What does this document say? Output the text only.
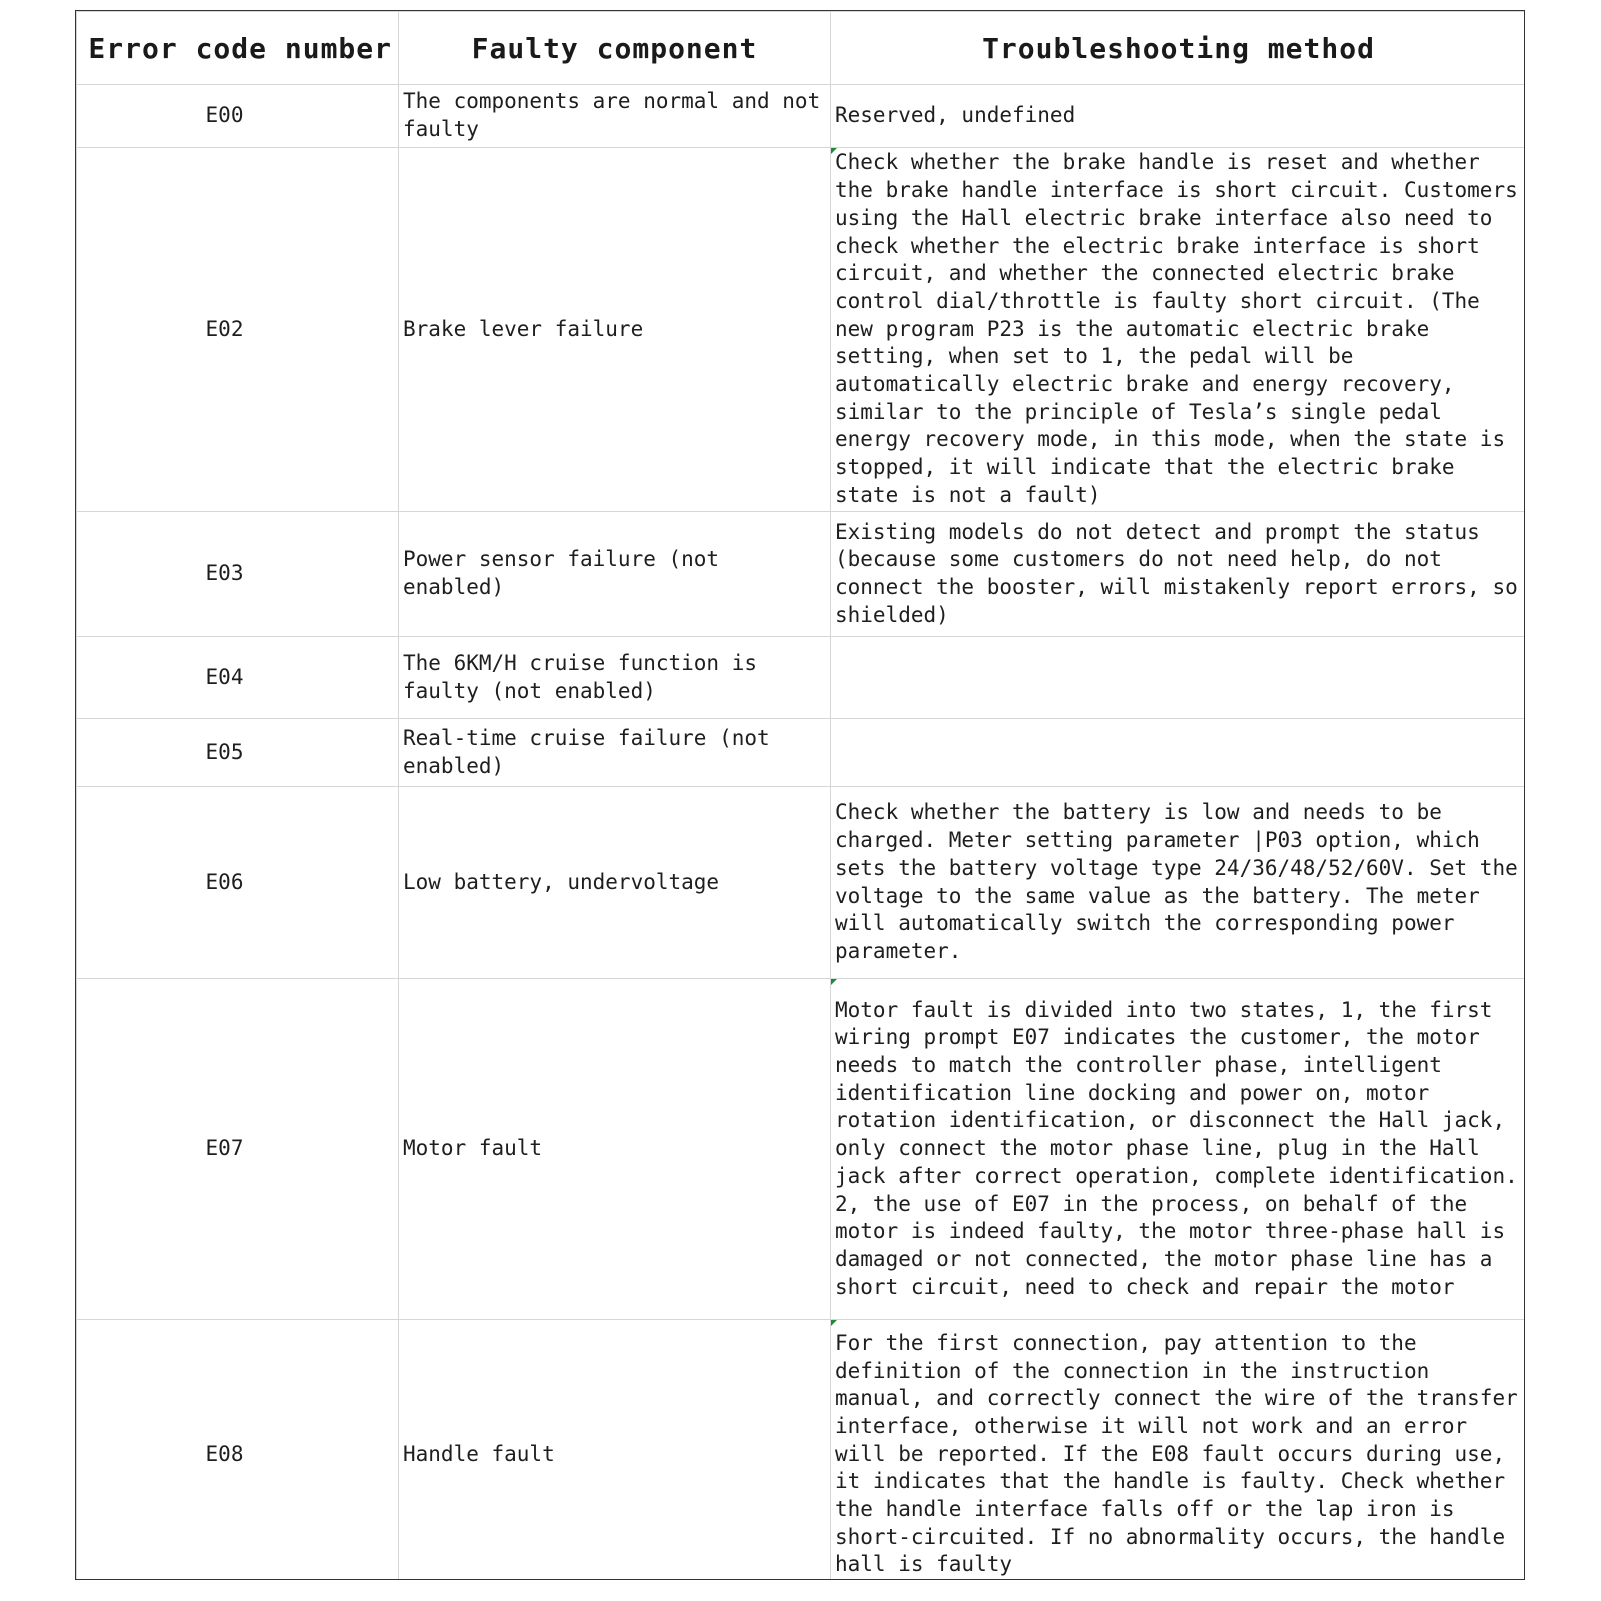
Error code number	Faulty component	Troubleshooting method
E00	The components are normal and not faulty	Reserved, undefined
E02	Brake lever failure	Check whether the brake handle is reset and whether the brake handle interface is short circuit. Customers using the Hall electric brake interface also need to check whether the electric brake interface is short circuit, and whether the connected electric brake control dial/throttle is faulty short circuit. (The new program P23 is the automatic electric brake setting, when set to 1, the pedal will be automatically electric brake and energy recovery, similar to the principle of Tesla’s single pedal energy recovery mode, in this mode, when the state is stopped, it will indicate that the electric brake state is not a fault)
E03	Power sensor failure (not enabled)	Existing models do not detect and prompt the status (because some customers do not need help, do not connect the booster, will mistakenly report errors, so shielded)
E04	The 6KM/H cruise function is faulty (not enabled)	
E05	Real-time cruise failure (not enabled)	
E06	Low battery, undervoltage	Check whether the battery is low and needs to be charged. Meter setting parameter |P03 option, which sets the battery voltage type 24/36/48/52/60V. Set the voltage to the same value as the battery. The meter will automatically switch the corresponding power parameter.
E07	Motor fault	Motor fault is divided into two states, 1, the first wiring prompt E07 indicates the customer, the motor needs to match the controller phase, intelligent identification line docking and power on, motor rotation identification, or disconnect the Hall jack, only connect the motor phase line, plug in the Hall jack after correct operation, complete identification. 2, the use of E07 in the process, on behalf of the motor is indeed faulty, the motor three-phase hall is damaged or not connected, the motor phase line has a short circuit, need to check and repair the motor
E08	Handle fault	For the first connection, pay attention to the definition of the connection in the instruction manual, and correctly connect the wire of the transfer interface, otherwise it will not work and an error will be reported. If the E08 fault occurs during use, it indicates that the handle is faulty. Check whether the handle interface falls off or the lap iron is short-circuited. If no abnormality occurs, the handle hall is faulty
